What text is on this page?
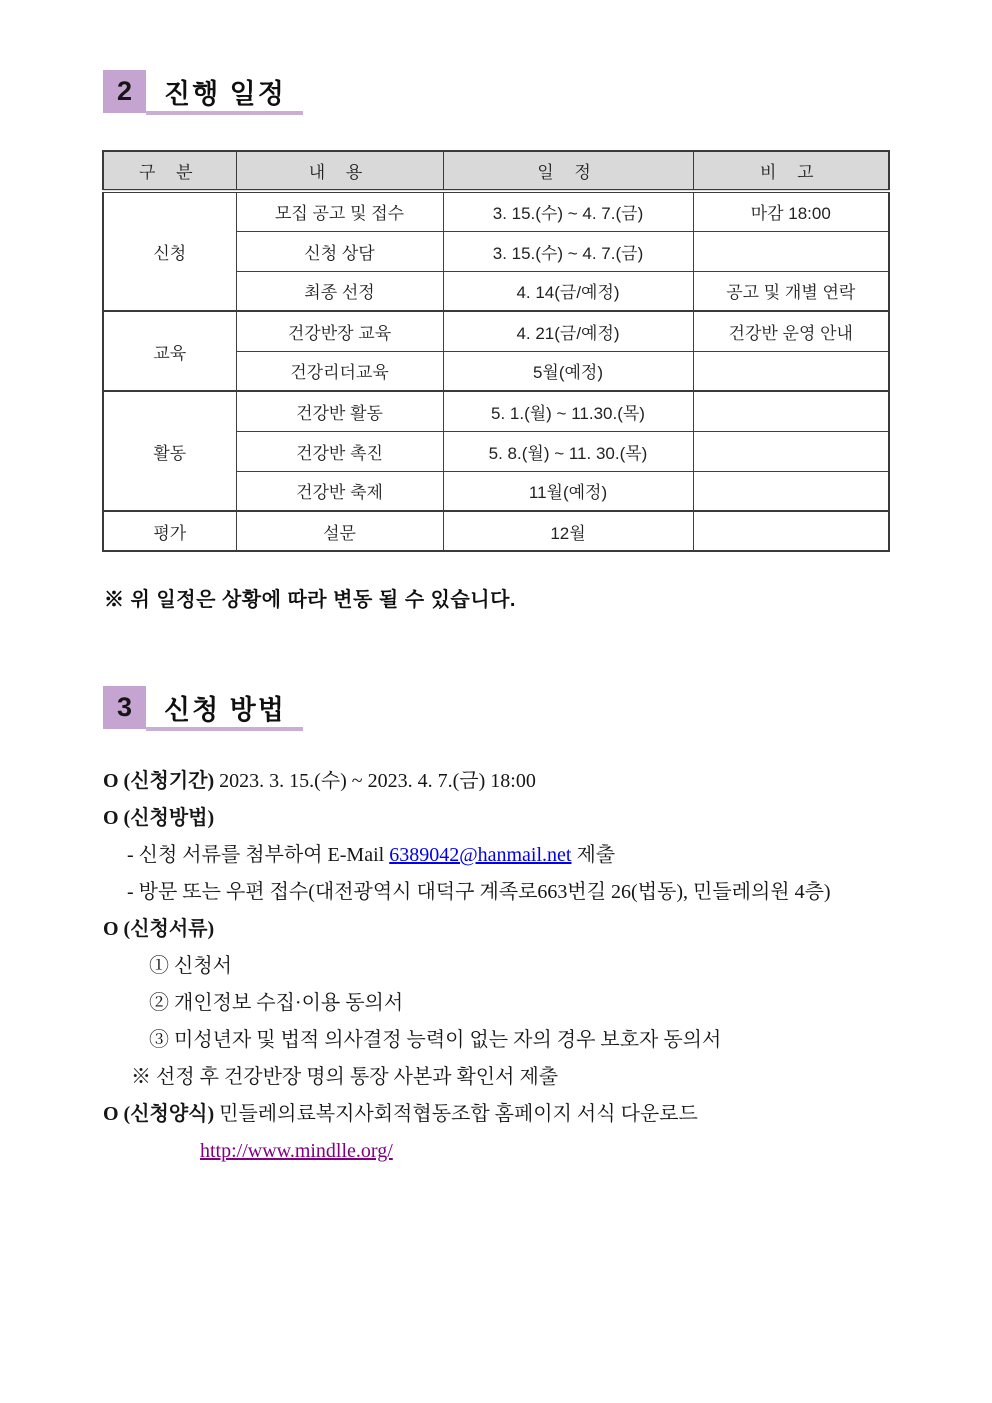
2	진행 일정
구 분	내 용	일 정	비 고
신청	모집 공고 및 접수	3. 15.(수) ~ 4. 7.(금)	마감 18:00
	신청 상담	3. 15.(수) ~ 4. 7.(금)	
	최종 선정	4. 14(금/예정)	공고 및 개별 연락
교육	건강반장 교육	4. 21(금/예정)	건강반 운영 안내
	건강리더교육	5월(예정)	
활동	건강반 활동	5. 1.(월) ~ 11.30.(목)	
	건강반 촉진	5. 8.(월) ~ 11. 30.(목)	
	건강반 축제	11월(예정)	
평가	설문	12월	
※ 위 일정은 상황에 따라 변동 될 수 있습니다.
3	신청 방법
O (신청기간) 2023. 3. 15.(수) ~ 2023. 4. 7.(금) 18:00
O (신청방법)
- 신청 서류를 첨부하여 E-Mail 6389042@hanmail.net 제출
- 방문 또는 우편 접수(대전광역시 대덕구 계족로663번길 26(법동), 민들레의원 4층)
O (신청서류)
① 신청서
② 개인정보 수집·이용 동의서
③ 미성년자 및 법적 의사결정 능력이 없는 자의 경우 보호자 동의서
※ 선정 후 건강반장 명의 통장 사본과 확인서 제출
O (신청양식) 민들레의료복지사회적협동조합 홈페이지 서식 다운로드
http://www.mindlle.org/
